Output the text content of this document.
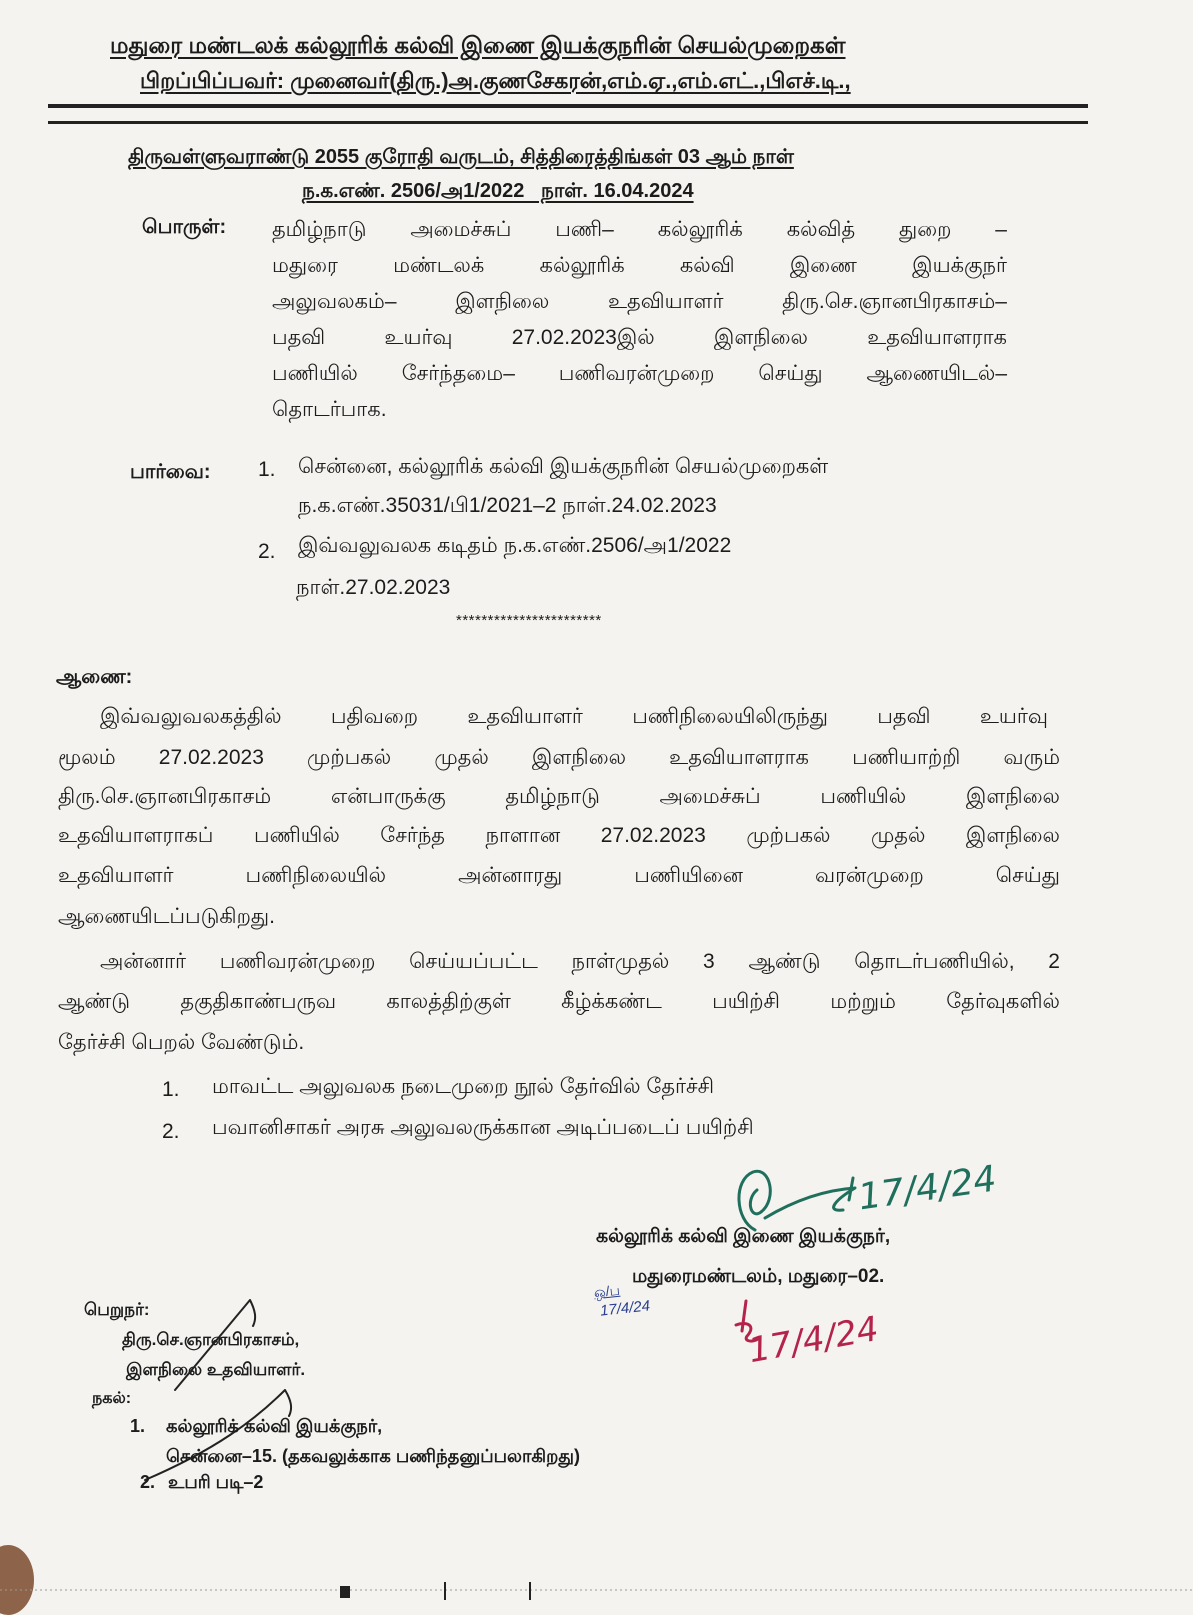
மதுரை மண்டலக் கல்லூரிக் கல்வி இணை இயக்குநரின் செயல்முறைகள்
பிறப்பிப்பவர்: முனைவர்(திரு.)அ.குணசேகரன்,எம்.ஏ.,எம்.எட்.,பிஎச்.டி.,
திருவள்ளுவராண்டு 2055 குரோதி வருடம், சித்திரைத்திங்கள் 03 ஆம் நாள்
ந.க.எண். 2506/அ1/2022   நாள். 16.04.2024
பொருள்: தமிழ்நாடு அமைச்சுப் பணி– கல்லூரிக் கல்வித் துறை –
மதுரை மண்டலக் கல்லூரிக் கல்வி இணை இயக்குநர்
அலுவலகம்– இளநிலை உதவியாளர் திரு.செ.ஞானபிரகாசம்–
பதவி உயர்வு 27.02.2023இல் இளநிலை உதவியாளராக
பணியில் சேர்ந்தமை– பணிவரன்முறை செய்து ஆணையிடல்–
தொடர்பாக.
பார்வை: 1. சென்னை, கல்லூரிக் கல்வி இயக்குநரின் செயல்முறைகள்
ந.க.எண்.35031/பி1/2021–2 நாள்.24.02.2023
2. இவ்வலுவலக கடிதம் ந.க.எண்.2506/அ1/2022
நாள்.27.02.2023
***********************
ஆணை:
இவ்வலுவலகத்தில் பதிவறை உதவியாளர் பணிநிலையிலிருந்து பதவி உயர்வு
மூலம் 27.02.2023 முற்பகல் முதல் இளநிலை உதவியாளராக பணியாற்றி வரும்
திரு.செ.ஞானபிரகாசம் என்பாருக்கு தமிழ்நாடு அமைச்சுப் பணியில் இளநிலை
உதவியாளராகப் பணியில் சேர்ந்த நாளான 27.02.2023 முற்பகல் முதல் இளநிலை
உதவியாளர் பணிநிலையில் அன்னாரது பணியினை வரன்முறை செய்து
ஆணையிடப்படுகிறது.
அன்னார் பணிவரன்முறை செய்யப்பட்ட நாள்முதல் 3 ஆண்டு தொடர்பணியில், 2
ஆண்டு தகுதிகாண்பருவ காலத்திற்குள் கீழ்க்கண்ட பயிற்சி மற்றும் தேர்வுகளில்
தேர்ச்சி பெறல் வேண்டும்.
1. மாவட்ட அலுவலக நடைமுறை நூல் தேர்வில் தேர்ச்சி
2. பவானிசாகர் அரசு அலுவலருக்கான அடிப்படைப் பயிற்சி
17/4/24
கல்லூரிக் கல்வி இணை இயக்குநர்,
மதுரைமண்டலம், மதுரை–02.
ஒ/ப
17/4/24
17/4/24
பெறுநர்:
திரு.செ.ஞானபிரகாசம்,
இளநிலை உதவியாளர்.
நகல்:
1. கல்லூரிக் கல்வி இயக்குநர்,
சென்னை–15. (தகவலுக்காக பணிந்தனுப்பலாகிறது)
2. உபரி படி–2
